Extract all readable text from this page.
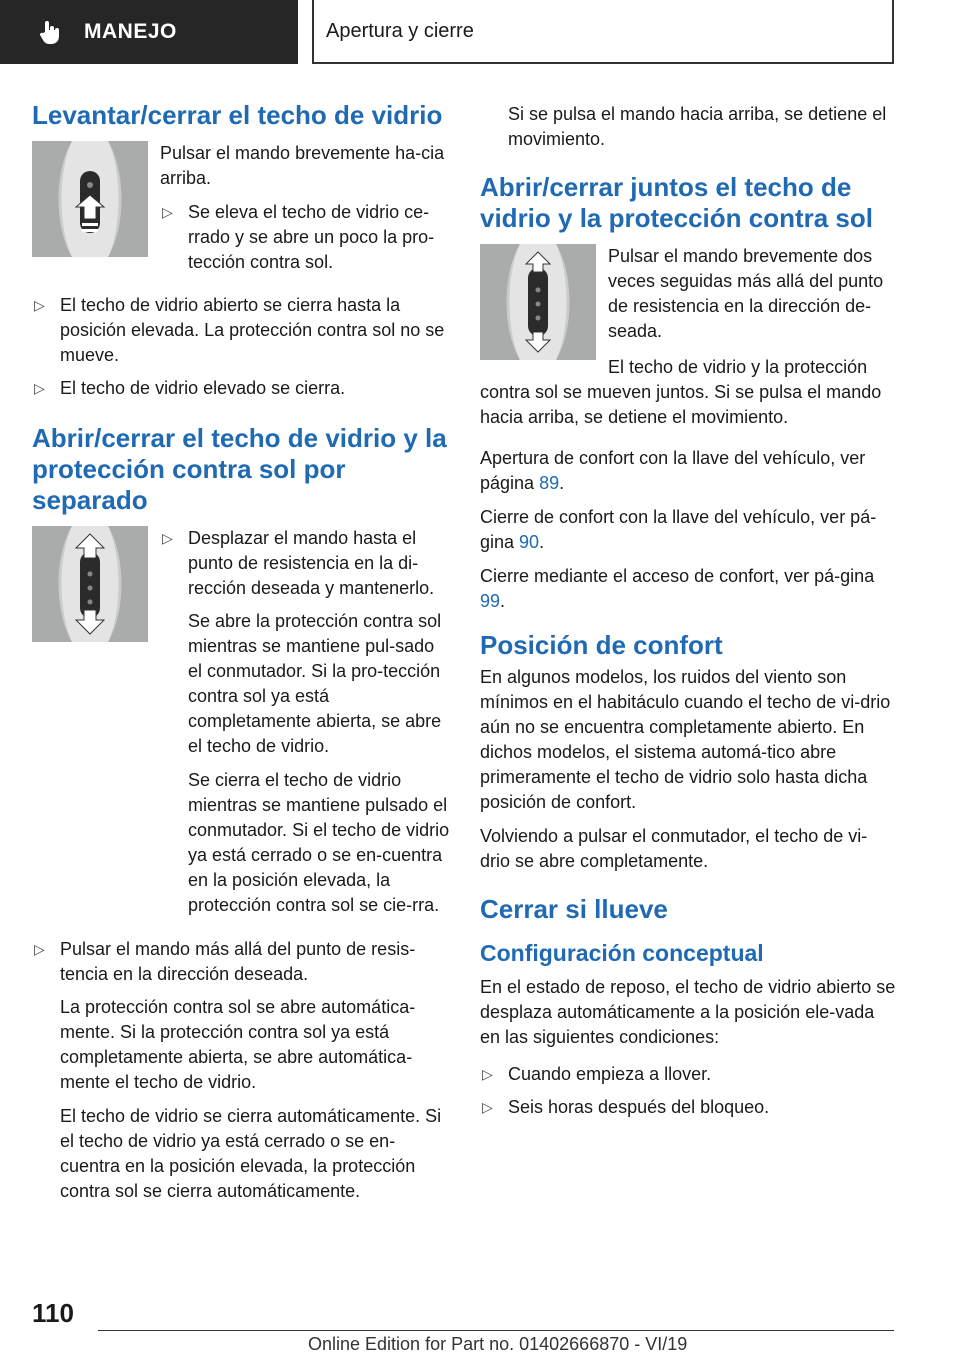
MANEJO	Apertura y cierre
Levantar/cerrar el techo de vidrio

Pulsar el mando brevemente ha-cia arriba.

▷ Se eleva el techo de vidrio ce-rrado y se abre un poco la pro-tección contra sol.
▷ El techo de vidrio abierto se cierra hasta la posición elevada. La protección contra sol no se mueve.
▷ El techo de vidrio elevado se cierra.
Abrir/cerrar el techo de vidrio y la protección contra sol por separado
▷ Desplazar el mando hasta el punto de resistencia en la di-rección deseada y mantenerlo.

Se abre la protección contra sol mientras se mantiene pul-sado el conmutador. Si la pro-tección contra sol ya está completamente abierta, se abre el techo de vidrio.

Se cierra el techo de vidrio mientras se mantiene pulsado el conmutador. Si el techo de vidrio ya está cerrado o se en-cuentra en la posición elevada, la protección contra sol se cie-rra.

▷ Pulsar el mando más allá del punto de resis-tencia en la dirección deseada.

La protección contra sol se abre automática-mente. Si la protección contra sol ya está completamente abierta, se abre automática-mente el techo de vidrio.

El techo de vidrio se cierra automáticamente. Si el techo de vidrio ya está cerrado o se en-cuentra en la posición elevada, la protección contra sol se cierra automáticamente.

Si se pulsa el mando hacia arriba, se detiene el movimiento.

Abrir/cerrar juntos el techo de vidrio y la protección contra sol

Pulsar el mando brevemente dos veces seguidas más allá del punto de resistencia en la dirección de-seada.

El techo de vidrio y la protección contra sol se mueven juntos. Si se pulsa el mando hacia arriba, se detiene el movimiento.

Apertura de confort con la llave del vehículo, ver página 89.

Cierre de confort con la llave del vehículo, ver pá-gina 90.

Cierre mediante el acceso de confort, ver pá-gina 99.

Posición de confort

En algunos modelos, los ruidos del viento son mínimos en el habitáculo cuando el techo de vi-drio aún no se encuentra completamente abierto. En dichos modelos, el sistema automá-tico abre primeramente el techo de vidrio solo hasta dicha posición de confort.

Volviendo a pulsar el conmutador, el techo de vi-drio se abre completamente.

Cerrar si llueve
Configuración conceptual

En el estado de reposo, el techo de vidrio abierto se desplaza automáticamente a la posición ele-vada en las siguientes condiciones:

▷ Cuando empieza a llover.
▷ Seis horas después del bloqueo.
110
Online Edition for Part no. 01402666870 - VI/19
